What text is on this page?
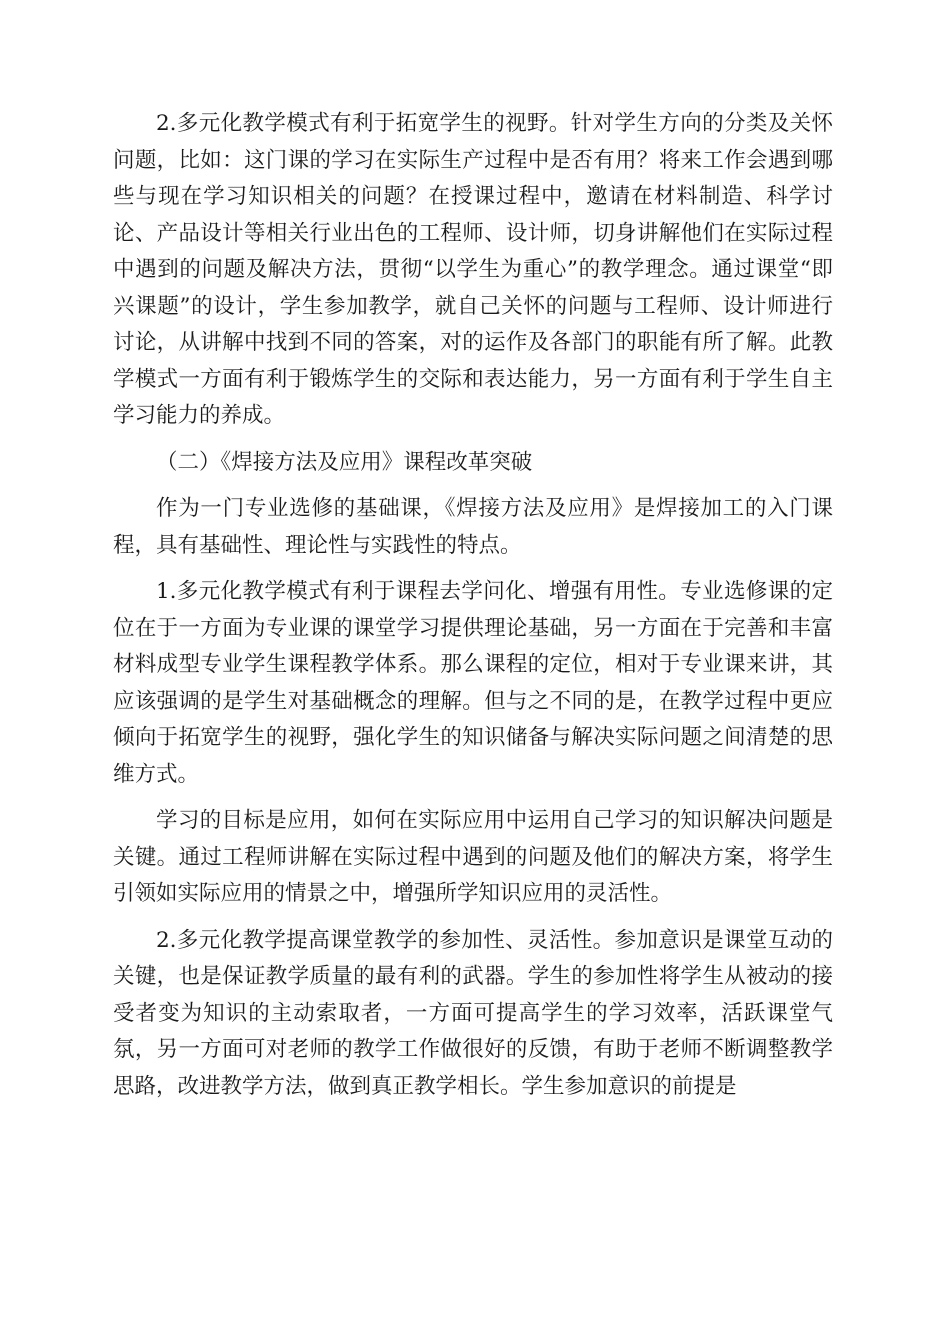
2.多元化教学模式有利于拓宽学生的视野。针对学生方向的分类及关怀问题，比如：这门课的学习在实际生产过程中是否有用？将来工作会遇到哪些与现在学习知识相关的问题？在授课过程中，邀请在材料制造、科学讨论、产品设计等相关行业出色的工程师、设计师，切身讲解他们在实际过程中遇到的问题及解决方法，贯彻“以学生为重心”的教学理念。通过课堂“即兴课题”的设计，学生参加教学，就自己关怀的问题与工程师、设计师进行讨论，从讲解中找到不同的答案，对的运作及各部门的职能有所了解。此教学模式一方面有利于锻炼学生的交际和表达能力，另一方面有利于学生自主学习能力的养成。

（二）《焊接方法及应用》课程改革突破

作为一门专业选修的基础课，《焊接方法及应用》是焊接加工的入门课程，具有基础性、理论性与实践性的特点。

1.多元化教学模式有利于课程去学问化、增强有用性。专业选修课的定位在于一方面为专业课的课堂学习提供理论基础，另一方面在于完善和丰富材料成型专业学生课程教学体系。那么课程的定位，相对于专业课来讲，其应该强调的是学生对基础概念的理解。但与之不同的是，在教学过程中更应倾向于拓宽学生的视野，强化学生的知识储备与解决实际问题之间清楚的思维方式。

学习的目标是应用，如何在实际应用中运用自己学习的知识解决问题是关键。通过工程师讲解在实际过程中遇到的问题及他们的解决方案，将学生引领如实际应用的情景之中，增强所学知识应用的灵活性。

2.多元化教学提高课堂教学的参加性、灵活性。参加意识是课堂互动的关键，也是保证教学质量的最有利的武器。学生的参加性将学生从被动的接受者变为知识的主动索取者，一方面可提高学生的学习效率，活跃课堂气氛，另一方面可对老师的教学工作做很好的反馈，有助于老师不断调整教学思路，改进教学方法，做到真正教学相长。学生参加意识的前提是
